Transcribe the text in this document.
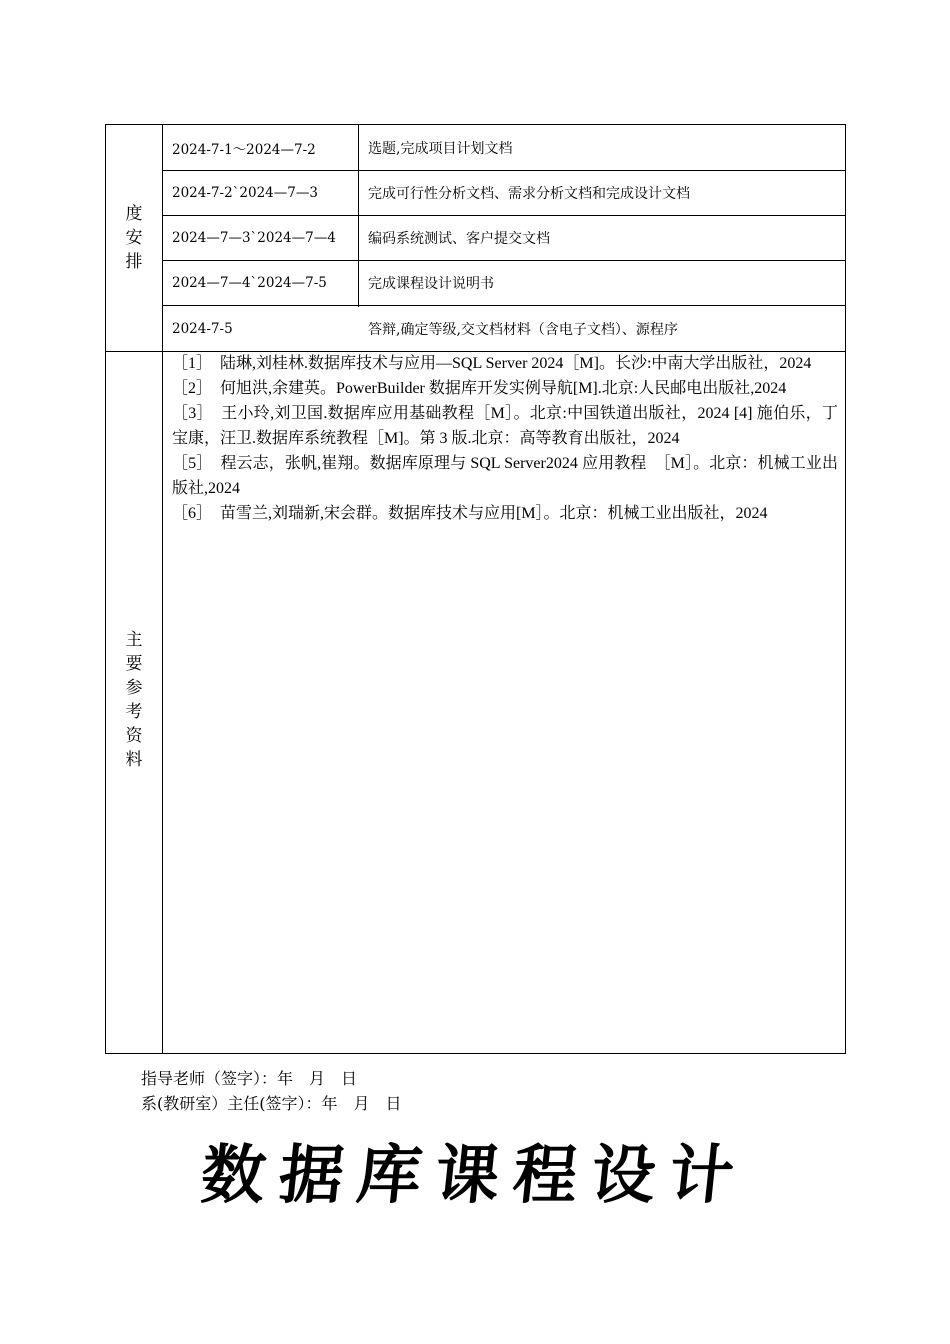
度
安
排
2024-7-1～2024—7-2	选题,完成项目计划文档
2024-7-2`2024—7—3	完成可行性分析文档、需求分析文档和完成设计文档
2024—7—3`2024—7—4	编码系统测试、客户提交文档
2024—7—4`2024—7-5	完成课程设计说明书
2024-7-5	答辩,确定等级,交文档材料（含电子文档）、源程序
主
要
参
考
资
料

［1］　陆琳,刘桂林.数据库技术与应用—SQL Server 2024［M]。长沙:中南大学出版社，2024

［2］　何旭洪,余建英。PowerBuilder 数据库开发实例导航[M].北京:人民邮电出版社,2024

［3］　王小玲,刘卫国.数据库应用基础教程［M］。北京:中国铁道出版社，2024 [4] 施伯乐，丁宝康，汪卫.数据库系统教程［M]。第 3 版.北京：高等教育出版社，2024

［5］　程云志，张帆,崔翔。数据库原理与 SQL Server2024 应用教程　［M］。北京：机械工业出版社,2024

［6］　苗雪兰,刘瑞新,宋会群。数据库技术与应用[M］。北京：机械工业出版社，2024

指导老师（签字）：年　月　日
系(教研室）主任(签字）：年　月　日
数据库课程设计
